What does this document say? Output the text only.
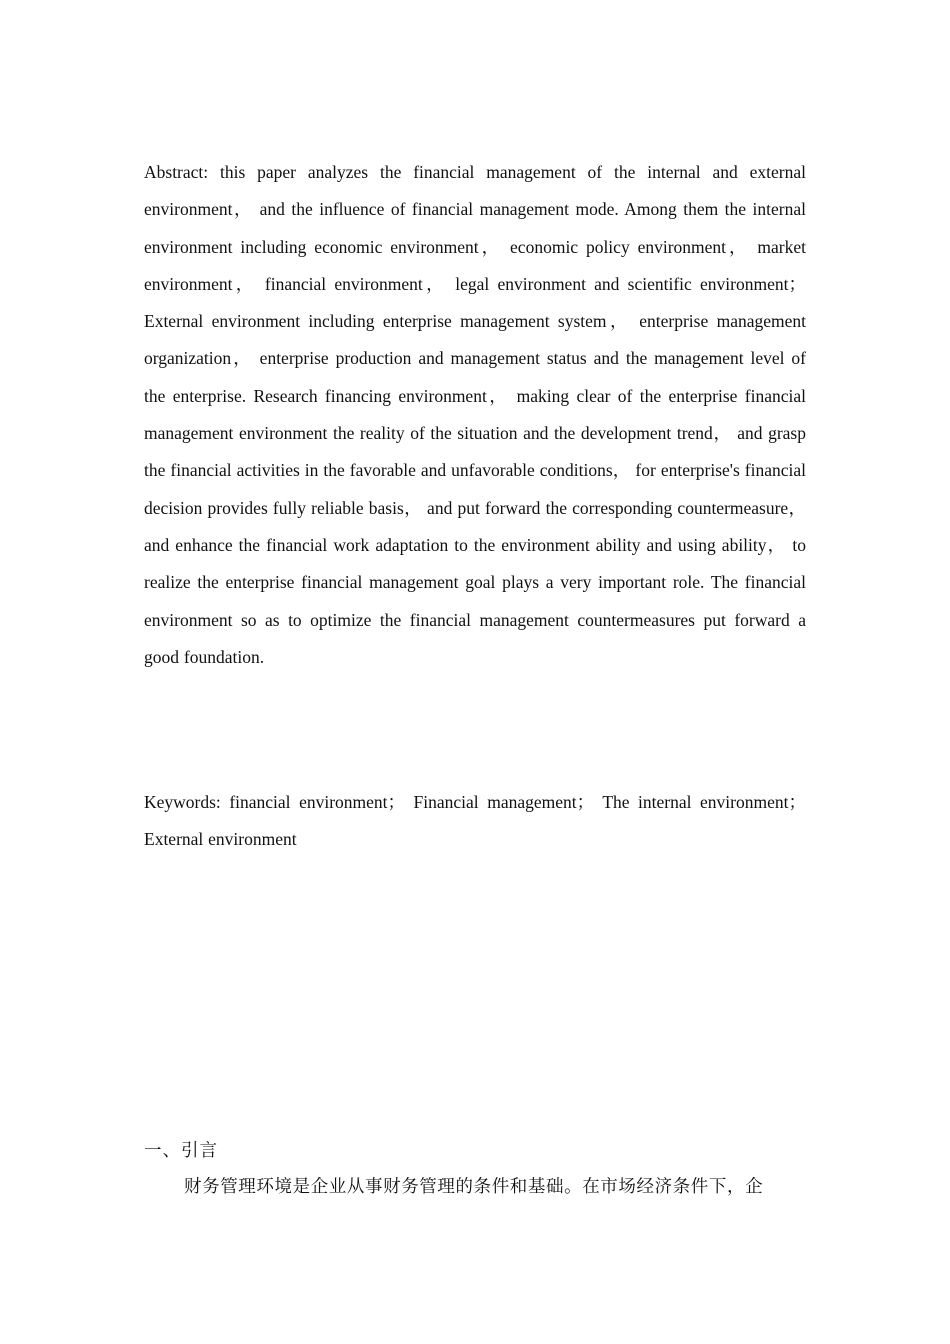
Abstract: this paper analyzes the financial management of the internal and external environment， and the influence of financial management mode. Among them the internal environment including economic environment， economic policy environment， market environment， financial environment， legal environment and scientific environment； External environment including enterprise management system， enterprise management organization， enterprise production and management status and the management level of the enterprise. Research financing environment， making clear of the enterprise financial management environment the reality of the situation and the development trend， and grasp the financial activities in the favorable and unfavorable conditions， for enterprise's financial decision provides fully reliable basis， and put forward the corresponding countermeasure， and enhance the financial work adaptation to the environment ability and using ability， to realize the enterprise financial management goal plays a very important role. The financial environment so as to optimize the financial management countermeasures put forward a good foundation.

Keywords: financial environment； Financial management； The internal environment； External environment

一、引言
财务管理环境是企业从事财务管理的条件和基础。在市场经济条件下，企
